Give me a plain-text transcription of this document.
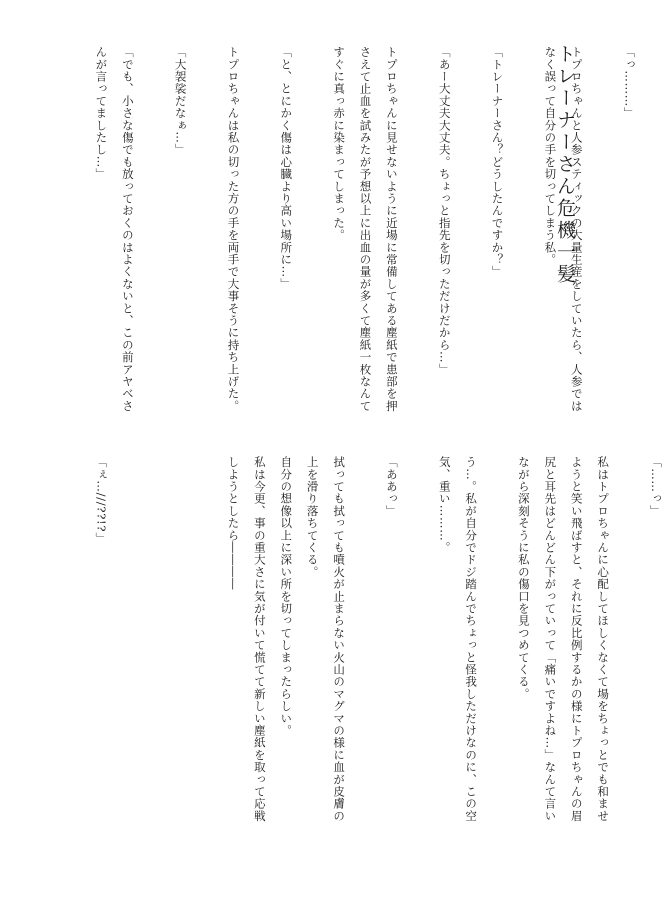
トレーナーさん危機一髪	「っ………」

トプロちゃんと人参スティックの大量生産をしていたら、人参では

なく誤って自分の手を切ってしまう私。

「トレーナーさん？どうしたんですか？」

「あー大丈夫大丈夫。ちょっと指先を切っただけだから…」

トプロちゃんに見せないように近場に常備してある塵紙で患部を押

さえて止血を試みたが予想以上に出血の量が多くて塵紙一枚なんて

すぐに真っ赤に染まってしまった。

「と、とにかく傷は心臓より高い場所に…」

トプロちゃんは私の切った方の手を両手で大事そうに持ち上げた。

「大袈裟だなぁ…」

「でも、小さな傷でも放っておくのはよくないと、この前アヤベさ

んが言ってましたし…」

「……っ」

私はトプロちゃんに心配してほしくなくて場をちょっとでも和ませ

ようと笑い飛ばすと、それに反比例するかの様にトプロちゃんの眉

尻と耳先はどんどん下がっていって「痛いですよね…」なんて言い

ながら深刻そうに私の傷口を見つめてくる。

う…。私が自分でドジ踏んでちょっと怪我しただけなのに、この空

気、重い………。

「ああっ」

拭っても拭っても噴火が止まらない火山のマグマの様に血が皮膚の

上を滑り落ちてくる。

自分の想像以上に深い所を切ってしまったらしい。

私は今更、事の重大さに気が付いて慌てて新しい塵紙を取って応戦

しようとしたら――――

「ぇ…///??!?」
